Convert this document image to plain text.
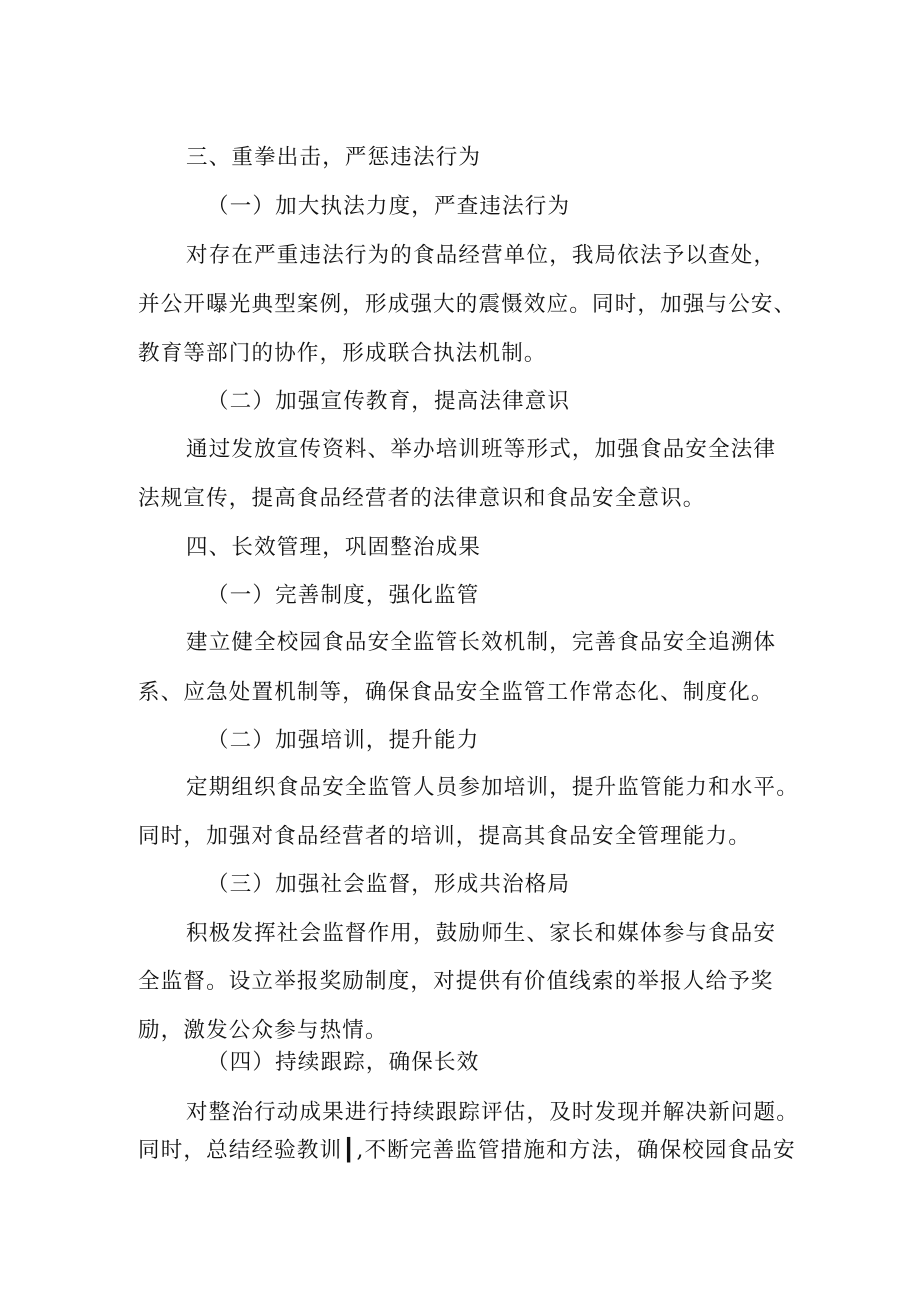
三、重拳出击，严惩违法行为
（一）加大执法力度，严查违法行为
对存在严重违法行为的食品经营单位，我局依法予以查处，
并公开曝光典型案例，形成强大的震慑效应。同时，加强与公安、
教育等部门的协作，形成联合执法机制。
（二）加强宣传教育，提高法律意识
通过发放宣传资料、举办培训班等形式，加强食品安全法律
法规宣传，提高食品经营者的法律意识和食品安全意识。
四、长效管理，巩固整治成果
（一）完善制度，强化监管
建立健全校园食品安全监管长效机制，完善食品安全追溯体
系、应急处置机制等，确保食品安全监管工作常态化、制度化。
（二）加强培训，提升能力
定期组织食品安全监管人员参加培训，提升监管能力和水平。
同时，加强对食品经营者的培训，提高其食品安全管理能力。
（三）加强社会监督，形成共治格局
积极发挥社会监督作用，鼓励师生、家长和媒体参与食品安
全监督。设立举报奖励制度，对提供有价值线索的举报人给予奖
励，激发公众参与热情。
（四）持续跟踪，确保长效
对整治行动成果进行持续跟踪评估，及时发现并解决新问题。
同时，总结经验教训┃,不断完善监管措施和方法，确保校园食品安
